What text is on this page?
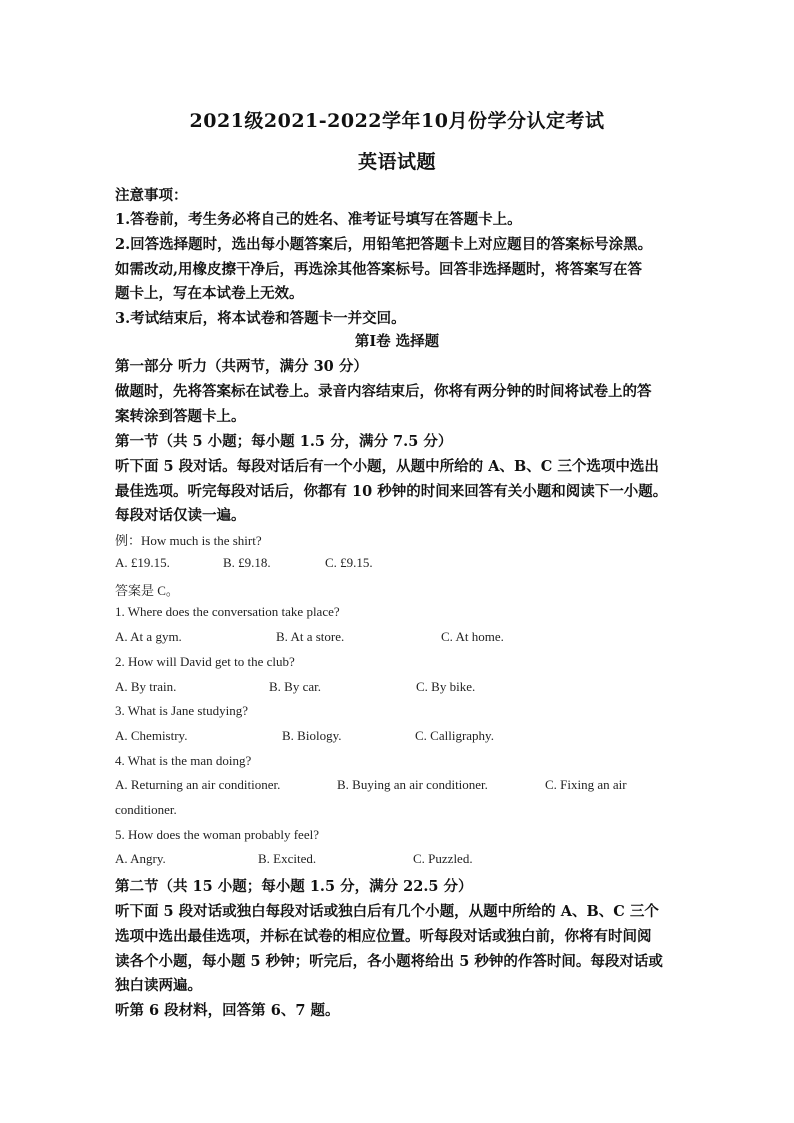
2021级2021-2022学年10月份学分认定考试
英语试题
注意事项：
1.答卷前，考生务必将自己的姓名、准考证号填写在答题卡上。
2.回答选择题时，选出每小题答案后，用铅笔把答题卡上对应题目的答案标号涂黑。
如需改动,用橡皮擦干净后，再选涂其他答案标号。回答非选择题时，将答案写在答
题卡上，写在本试卷上无效。
3.考试结束后，将本试卷和答题卡一并交回。
第Ⅰ卷 选择题
第一部分 听力（共两节，满分 30 分）
做题时，先将答案标在试卷上。录音内容结束后，你将有两分钟的时间将试卷上的答
案转涂到答题卡上。
第一节（共 5 小题；每小题 1.5 分，满分 7.5 分）
听下面 5 段对话。每段对话后有一个小题，从题中所给的 A、B、C 三个选项中选出
最佳选项。听完每段对话后，你都有 10 秒钟的时间来回答有关小题和阅读下一小题。
每段对话仅读一遍。
例：How much is the shirt?
A. £19.15.	B. £9.18.	C. £9.15.
答案是 C。
1. Where does the conversation take place?
A. At a gym.	B. At a store.	C. At home.
2. How will David get to the club?
A. By train.	B. By car.	C. By bike.
3. What is Jane studying?
A. Chemistry.	B. Biology.	C. Calligraphy.
4. What is the man doing?
A. Returning an air conditioner.	B. Buying an air conditioner.	C. Fixing an air
conditioner.
5. How does the woman probably feel?
A. Angry.	B. Excited.	C. Puzzled.
第二节（共 15 小题；每小题 1.5 分，满分 22.5 分）
听下面 5 段对话或独白每段对话或独白后有几个小题，从题中所给的 A、B、C 三个
选项中选出最佳选项，并标在试卷的相应位置。听每段对话或独白前，你将有时间阅
读各个小题，每小题 5 秒钟；听完后，各小题将给出 5 秒钟的作答时间。每段对话或
独白读两遍。
听第 6 段材料，回答第 6、7 题。
